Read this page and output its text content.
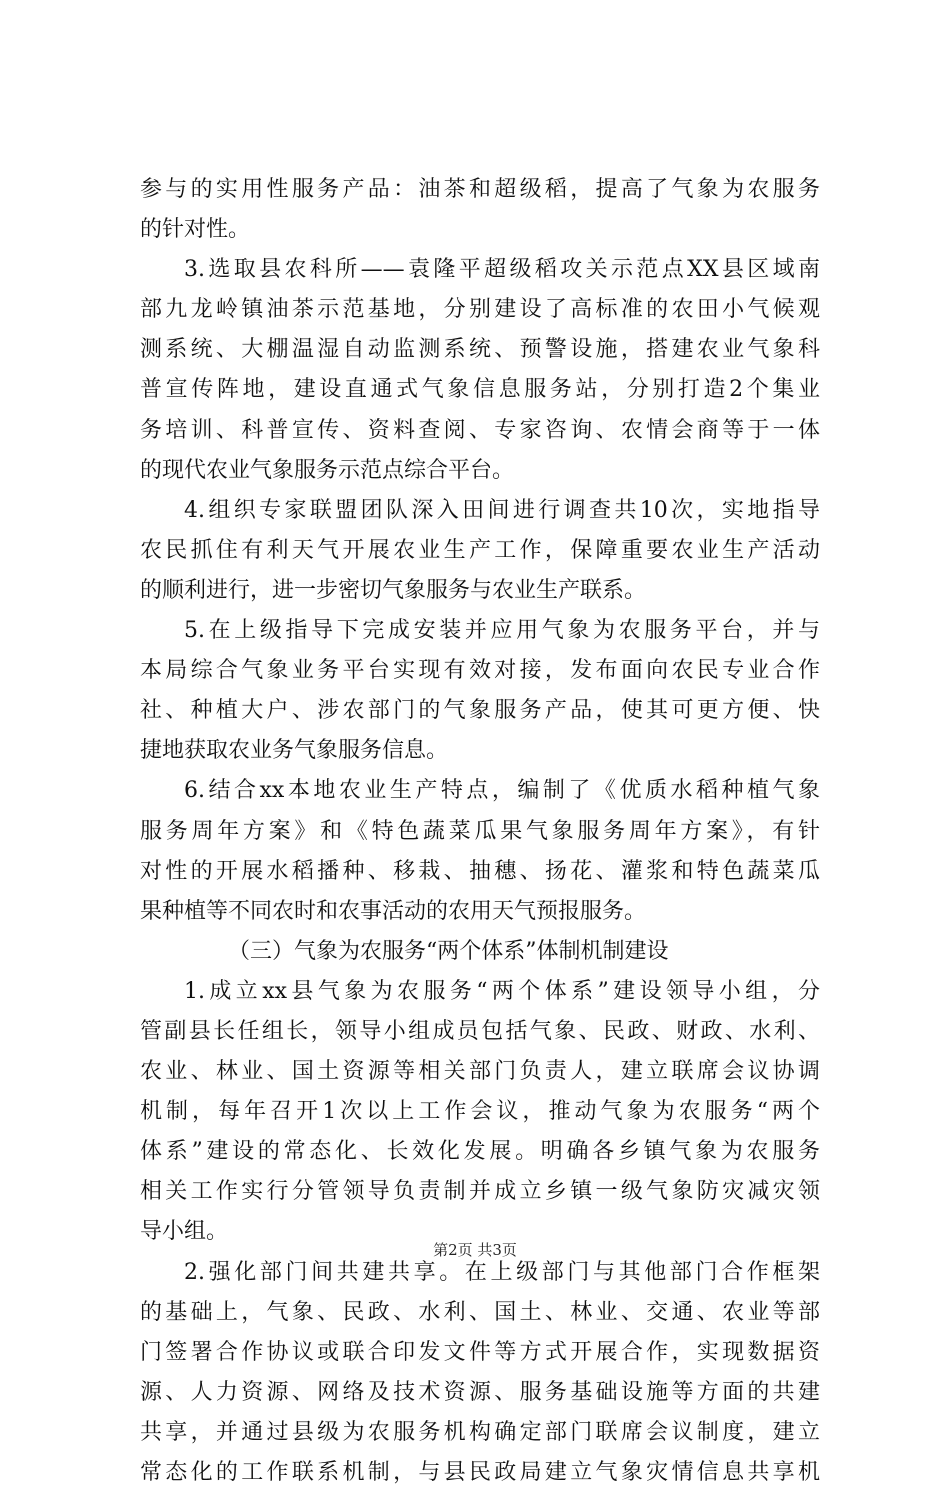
参与的实用性服务产品：油茶和超级稻，提高了气象为农服务
的针对性。
3.选取县农科所——袁隆平超级稻攻关示范点XX县区域南
部九龙岭镇油茶示范基地，分别建设了高标准的农田小气候观
测系统、大棚温湿自动监测系统、预警设施，搭建农业气象科
普宣传阵地，建设直通式气象信息服务站，分别打造2个集业
务培训、科普宣传、资料查阅、专家咨询、农情会商等于一体
的现代农业气象服务示范点综合平台。
4.组织专家联盟团队深入田间进行调查共10次，实地指导
农民抓住有利天气开展农业生产工作，保障重要农业生产活动
的顺利进行，进一步密切气象服务与农业生产联系。
5.在上级指导下完成安装并应用气象为农服务平台，并与
本局综合气象业务平台实现有效对接，发布面向农民专业合作
社、种植大户、涉农部门的气象服务产品，使其可更方便、快
捷地获取农业务气象服务信息。
6.结合xx本地农业生产特点，编制了《优质水稻种植气象
服务周年方案》和《特色蔬菜瓜果气象服务周年方案》，有针
对性的开展水稻播种、移栽、抽穗、扬花、灌浆和特色蔬菜瓜
果种植等不同农时和农事活动的农用天气预报服务。
（三）气象为农服务“两个体系”体制机制建设
1.成立xx县气象为农服务“两个体系”建设领导小组，分
管副县长任组长，领导小组成员包括气象、民政、财政、水利、
农业、林业、国土资源等相关部门负责人，建立联席会议协调
机制，每年召开1次以上工作会议，推动气象为农服务“两个
体系”建设的常态化、长效化发展。明确各乡镇气象为农服务
相关工作实行分管领导负责制并成立乡镇一级气象防灾减灾领
导小组。
2.强化部门间共建共享。在上级部门与其他部门合作框架
的基础上，气象、民政、水利、国土、林业、交通、农业等部
门签署合作协议或联合印发文件等方式开展合作，实现数据资
源、人力资源、网络及技术资源、服务基础设施等方面的共建
共享，并通过县级为农服务机构确定部门联席会议制度，建立
常态化的工作联系机制，与县民政局建立气象灾情信息共享机
第2页 共3页
